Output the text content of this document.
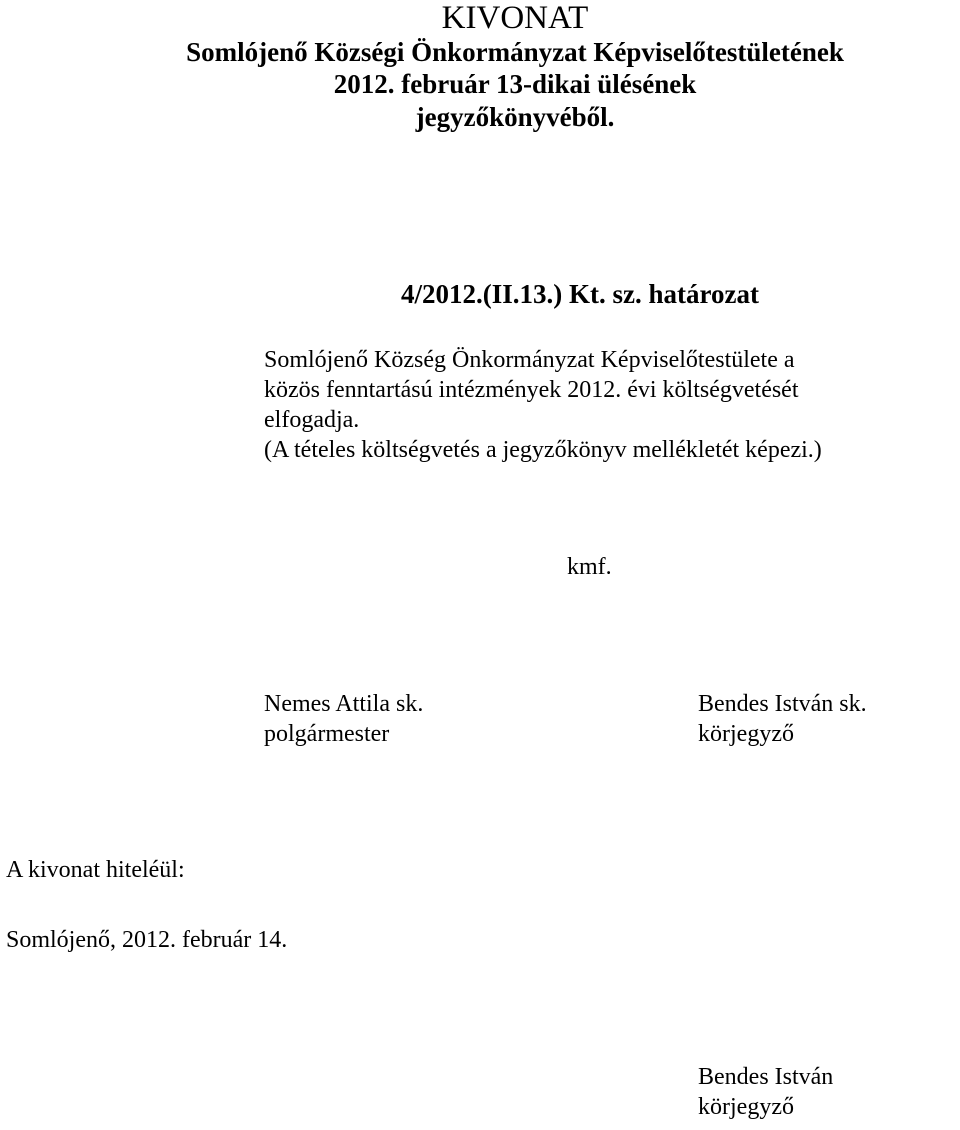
KIVONAT
Somlójenő Községi Önkormányzat Képviselőtestületének
2012. február 13-dikai ülésének
jegyzőkönyvéből.
4/2012.(II.13.) Kt. sz. határozat
Somlójenő Község Önkormányzat Képviselőtestülete a
közös fenntartású intézmények 2012. évi költségvetését
elfogadja.
(A tételes költségvetés a jegyzőkönyv mellékletét képezi.)
kmf.
Nemes Attila sk.
polgármester
Bendes István sk.
körjegyző
A kivonat hiteléül:
Somlójenő, 2012. február 14.
Bendes István
körjegyző
